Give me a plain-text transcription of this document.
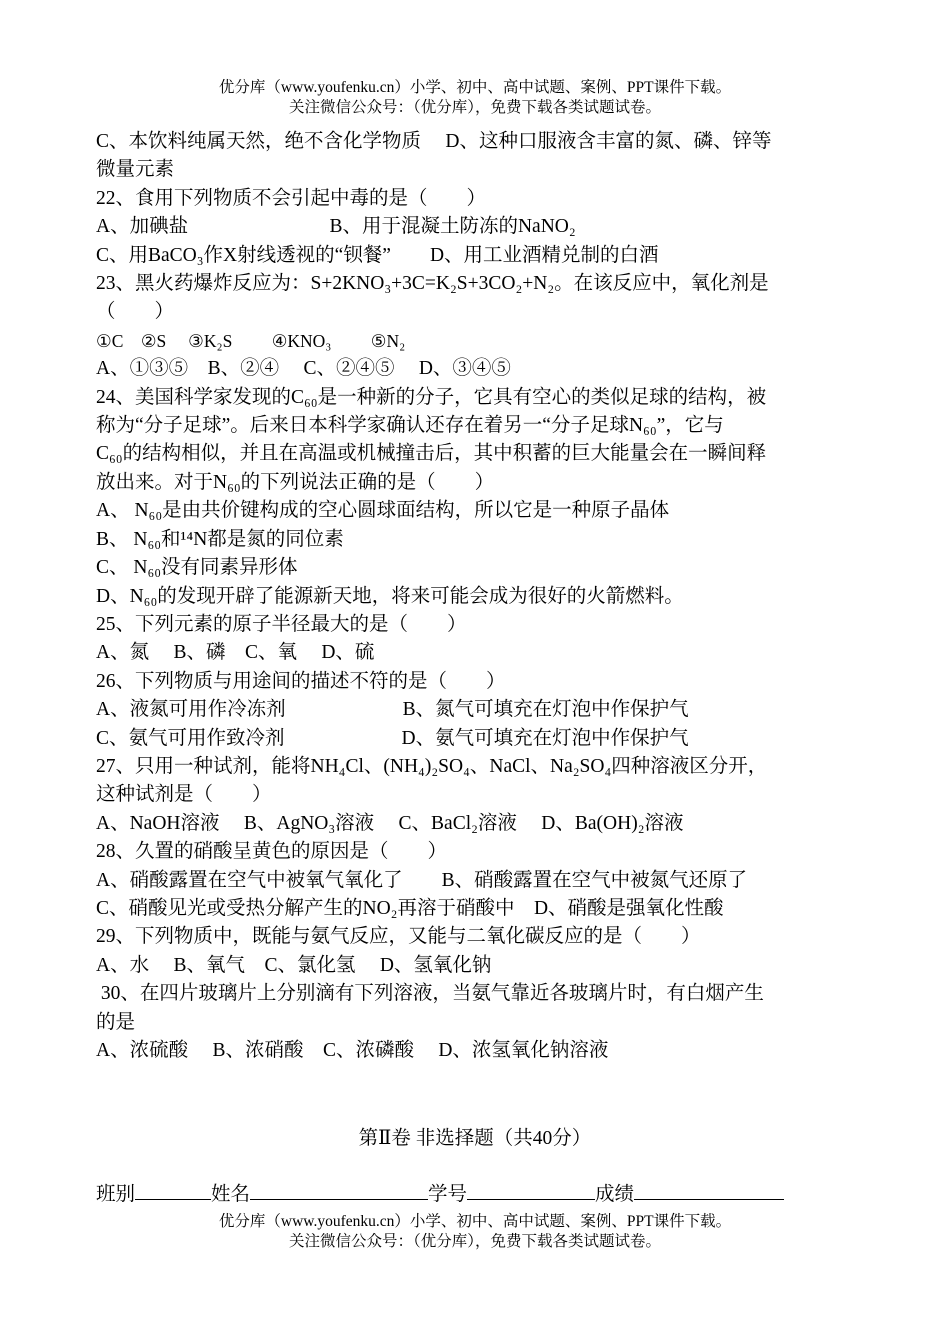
优分库（www.youfenku.cn）小学、初中、高中试题、案例、PPT课件下载。
关注微信公众号：（优分库），免费下载各类试题试卷。

C、本饮料纯属天然，绝不含化学物质　 D、这种口服液含丰富的氮、磷、锌等

微量元素

22、食用下列物质不会引起中毒的是（　　）

A、加碘盐　　　　　　　 B、用于混凝土防冻的NaNO₂

C、用BaCO₃作X射线透视的“钡餐”　　D、用工业酒精兑制的白酒

23、黑火药爆炸反应为：S+2KNO₃+3C=K₂S+3CO₂+N₂。在该反应中，氧化剂是

（　　）

①C　②S　 ③K₂S　　 ④KNO₃　　 ⑤N₂

A、①③⑤　B、②④　 C、②④⑤　 D、③④⑤

24、美国科学家发现的C₆₀是一种新的分子，它具有空心的类似足球的结构，被

称为“分子足球”。后来日本科学家确认还存在着另一“分子足球N₆₀”，它与

C₆₀的结构相似，并且在高温或机械撞击后，其中积蓄的巨大能量会在一瞬间释

放出来。对于N₆₀的下列说法正确的是（　　）

A、 N₆₀是由共价键构成的空心圆球面结构，所以它是一种原子晶体

B、 N₆₀和¹⁴N都是氮的同位素

C、 N₆₀没有同素异形体

D、N₆₀的发现开辟了能源新天地，将来可能会成为很好的火箭燃料。

25、下列元素的原子半径最大的是（　　）

A、氮　 B、磷　C、氧　 D、硫

26、下列物质与用途间的描述不符的是（　　）

A、液氮可用作冷冻剂　　　　　　B、氮气可填充在灯泡中作保护气

C、氨气可用作致冷剂　　　　　　D、氨气可填充在灯泡中作保护气

27、只用一种试剂，能将NH₄Cl、(NH₄)₂SO₄、NaCl、Na₂SO₄四种溶液区分开，

这种试剂是（　　）

A、NaOH溶液　 B、AgNO₃溶液　 C、BaCl₂溶液　 D、Ba(OH)₂溶液

28、久置的硝酸呈黄色的原因是（　　）

A、硝酸露置在空气中被氧气氧化了　　B、硝酸露置在空气中被氮气还原了

C、硝酸见光或受热分解产生的NO₂再溶于硝酸中　D、硝酸是强氧化性酸

29、下列物质中，既能与氨气反应，又能与二氧化碳反应的是（　　）

A、水　 B、氧气　C、氯化氢　 D、氢氧化钠

30、在四片玻璃片上分别滴有下列溶液，当氨气靠近各玻璃片时，有白烟产生

的是

A、浓硫酸　 B、浓硝酸　C、浓磷酸　 D、浓氢氧化钠溶液

第Ⅱ卷 非选择题（共40分）
班别	姓名	学号	成绩
优分库（www.youfenku.cn）小学、初中、高中试题、案例、PPT课件下载。
关注微信公众号：（优分库），免费下载各类试题试卷。
